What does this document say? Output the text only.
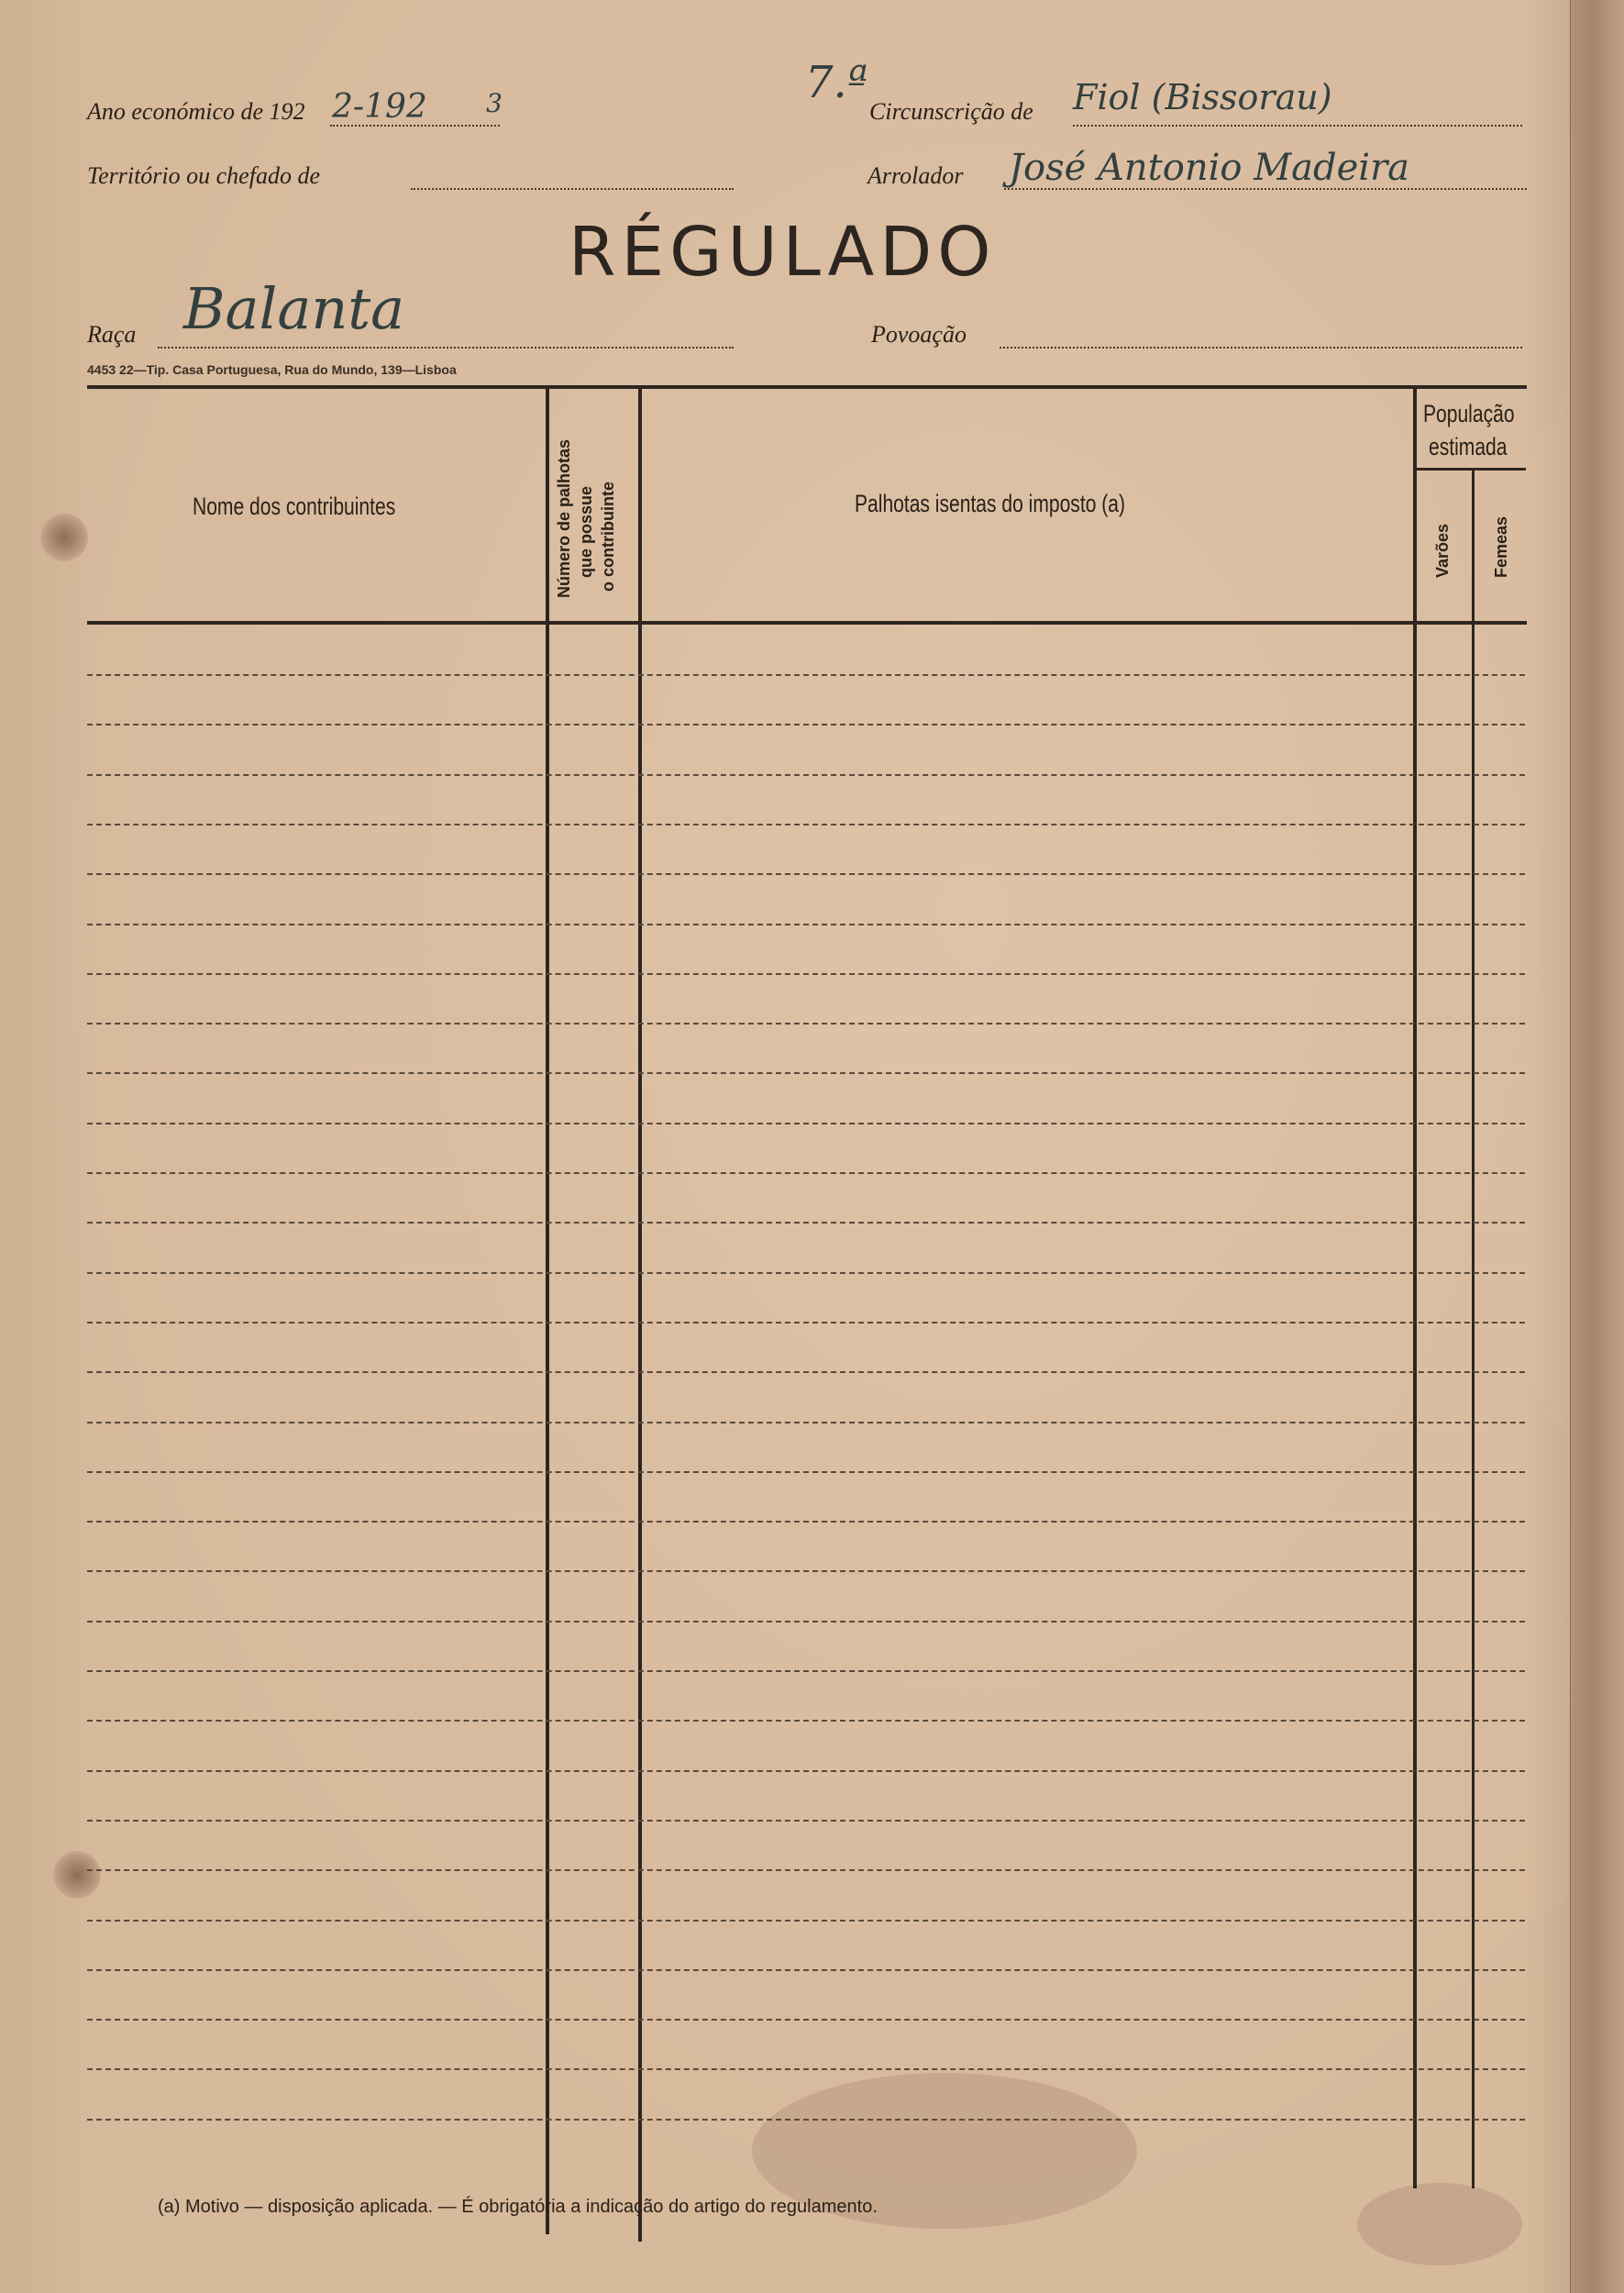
Ano económico de 192 2-192 3	7.ª
Circunscrição de Fiol (Bissorau)
Território ou chefado de	Arrolador José Antonio Madeira
RÉGULADO
Raça Balanta	Povoação
4453 22—Tip. Casa Portuguesa, Rua do Mundo, 139—Lisboa
Nome dos contribuintes	Número de palhotas que possue o contribuinte	Palhotas isentas do imposto (a)
População
estimada
Varões Femeas
(a) Motivo — disposição aplicada. — É obrigatória a indicação do artigo do regulamento.
